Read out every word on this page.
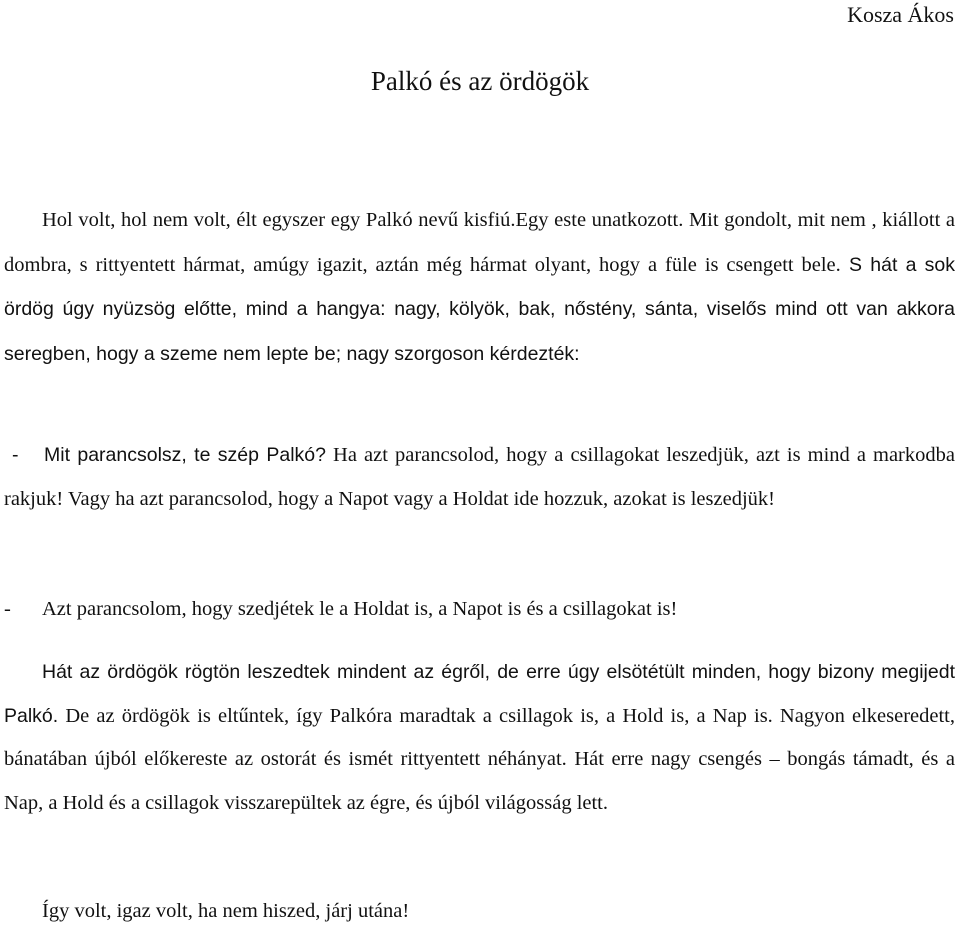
Kosza Ákos

Palkó és az ördögök

Hol volt, hol nem volt, élt egyszer egy Palkó nevű kisfiú.Egy este unatkozott. Mit gondolt, mit nem , kiállott a dombra, s rittyentett hármat, amúgy igazit, aztán még hármat olyant, hogy a füle is csengett bele. S hát a sok ördög úgy nyüzsög előtte, mind a hangya: nagy, kölyök, bak, nőstény, sánta, viselős mind ott van akkora seregben, hogy a szeme nem lepte be; nagy szorgoson kérdezték:

- Mit parancsolsz, te szép Palkó? Ha azt parancsolod, hogy a csillagokat leszedjük, azt is mind a markodba rakjuk! Vagy ha azt parancsolod, hogy a Napot vagy a Holdat ide hozzuk, azokat is leszedjük!

- Azt parancsolom, hogy szedjétek le a Holdat is, a Napot is és a csillagokat is!

Hát az ördögök rögtön leszedtek mindent az égről, de erre úgy elsötétült minden, hogy bizony megijedt Palkó. De az ördögök is eltűntek, így Palkóra maradtak a csillagok is, a Hold is, a Nap is. Nagyon elkeseredett, bánatában újból előkereste az ostorát és ismét rittyentett néhányat. Hát erre nagy csengés – bongás támadt, és a Nap, a Hold és a csillagok visszarepültek az égre, és újból világosság lett.

Így volt, igaz volt, ha nem hiszed, járj utána!
